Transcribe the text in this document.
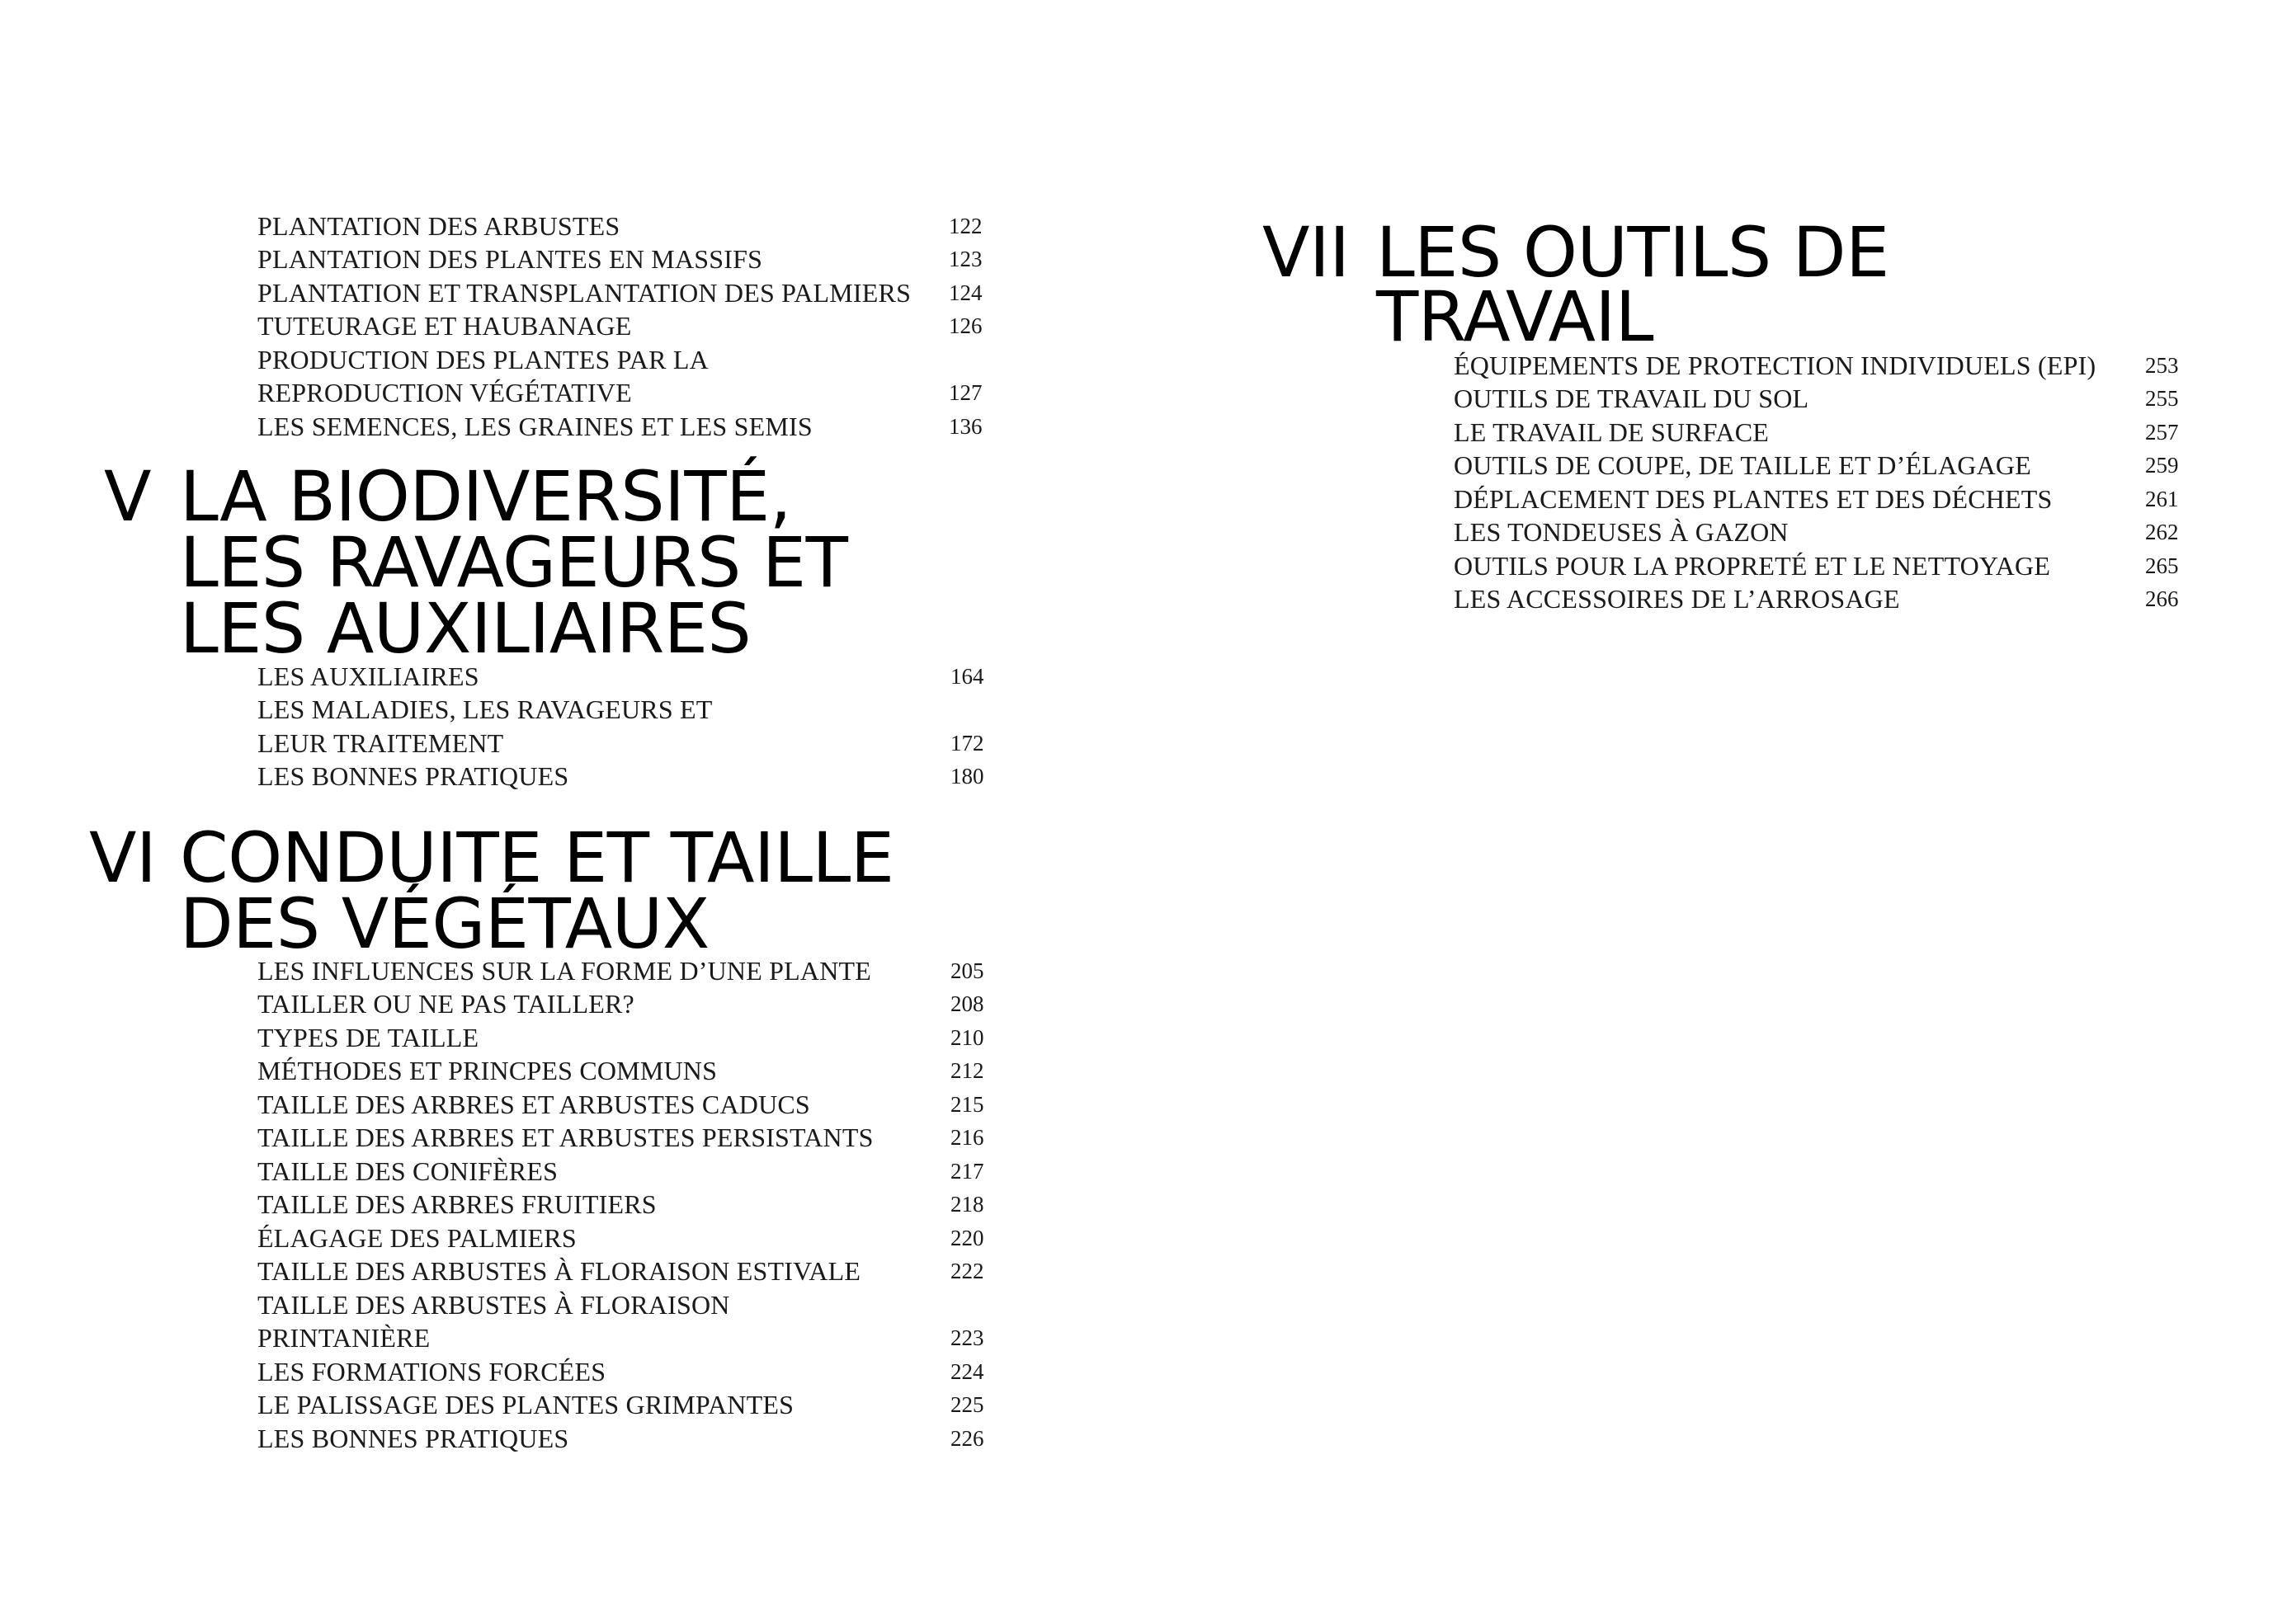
PLANTATION DES ARBUSTES	122
PLANTATION DES PLANTES EN MASSIFS	123
PLANTATION ET TRANSPLANTATION DES PALMIERS 124
TUTEURAGE ET HAUBANAGE	126
PRODUCTION DES PLANTES PAR LA
REPRODUCTION VÉGÉTATIVE	127
LES SEMENCES, LES GRAINES ET LES SEMIS	136
V LA BIODIVERSITÉ,
LES RAVAGEURS ET
LES AUXILIAIRES
LES AUXILIAIRES	164
LES MALADIES, LES RAVAGEURS ET
LEUR TRAITEMENT	172
LES BONNES PRATIQUES	180
VI CONDUITE ET TAILLE
DES VÉGÉTAUX
LES INFLUENCES SUR LA FORME D’UNE PLANTE	205
TAILLER OU NE PAS TAILLER?	208
TYPES DE TAILLE	210
MÉTHODES ET PRINCPES COMMUNS	212
TAILLE DES ARBRES ET ARBUSTES CADUCS	215
TAILLE DES ARBRES ET ARBUSTES PERSISTANTS	216
TAILLE DES CONIFÈRES	217
TAILLE DES ARBRES FRUITIERS	218
ÉLAGAGE DES PALMIERS	220
TAILLE DES ARBUSTES À FLORAISON ESTIVALE	222
TAILLE DES ARBUSTES À FLORAISON
PRINTANIÈRE	223
LES FORMATIONS FORCÉES	224
LE PALISSAGE DES PLANTES GRIMPANTES	225
LES BONNES PRATIQUES	226
VII LES OUTILS DE
TRAVAIL
ÉQUIPEMENTS DE PROTECTION INDIVIDUELS (EPI) 253
OUTILS DE TRAVAIL DU SOL	255
LE TRAVAIL DE SURFACE	257
OUTILS DE COUPE, DE TAILLE ET D’ÉLAGAGE	259
DÉPLACEMENT DES PLANTES ET DES DÉCHETS	261
LES TONDEUSES À GAZON	262
OUTILS POUR LA PROPRETÉ ET LE NETTOYAGE	265
LES ACCESSOIRES DE L’ARROSAGE	266
